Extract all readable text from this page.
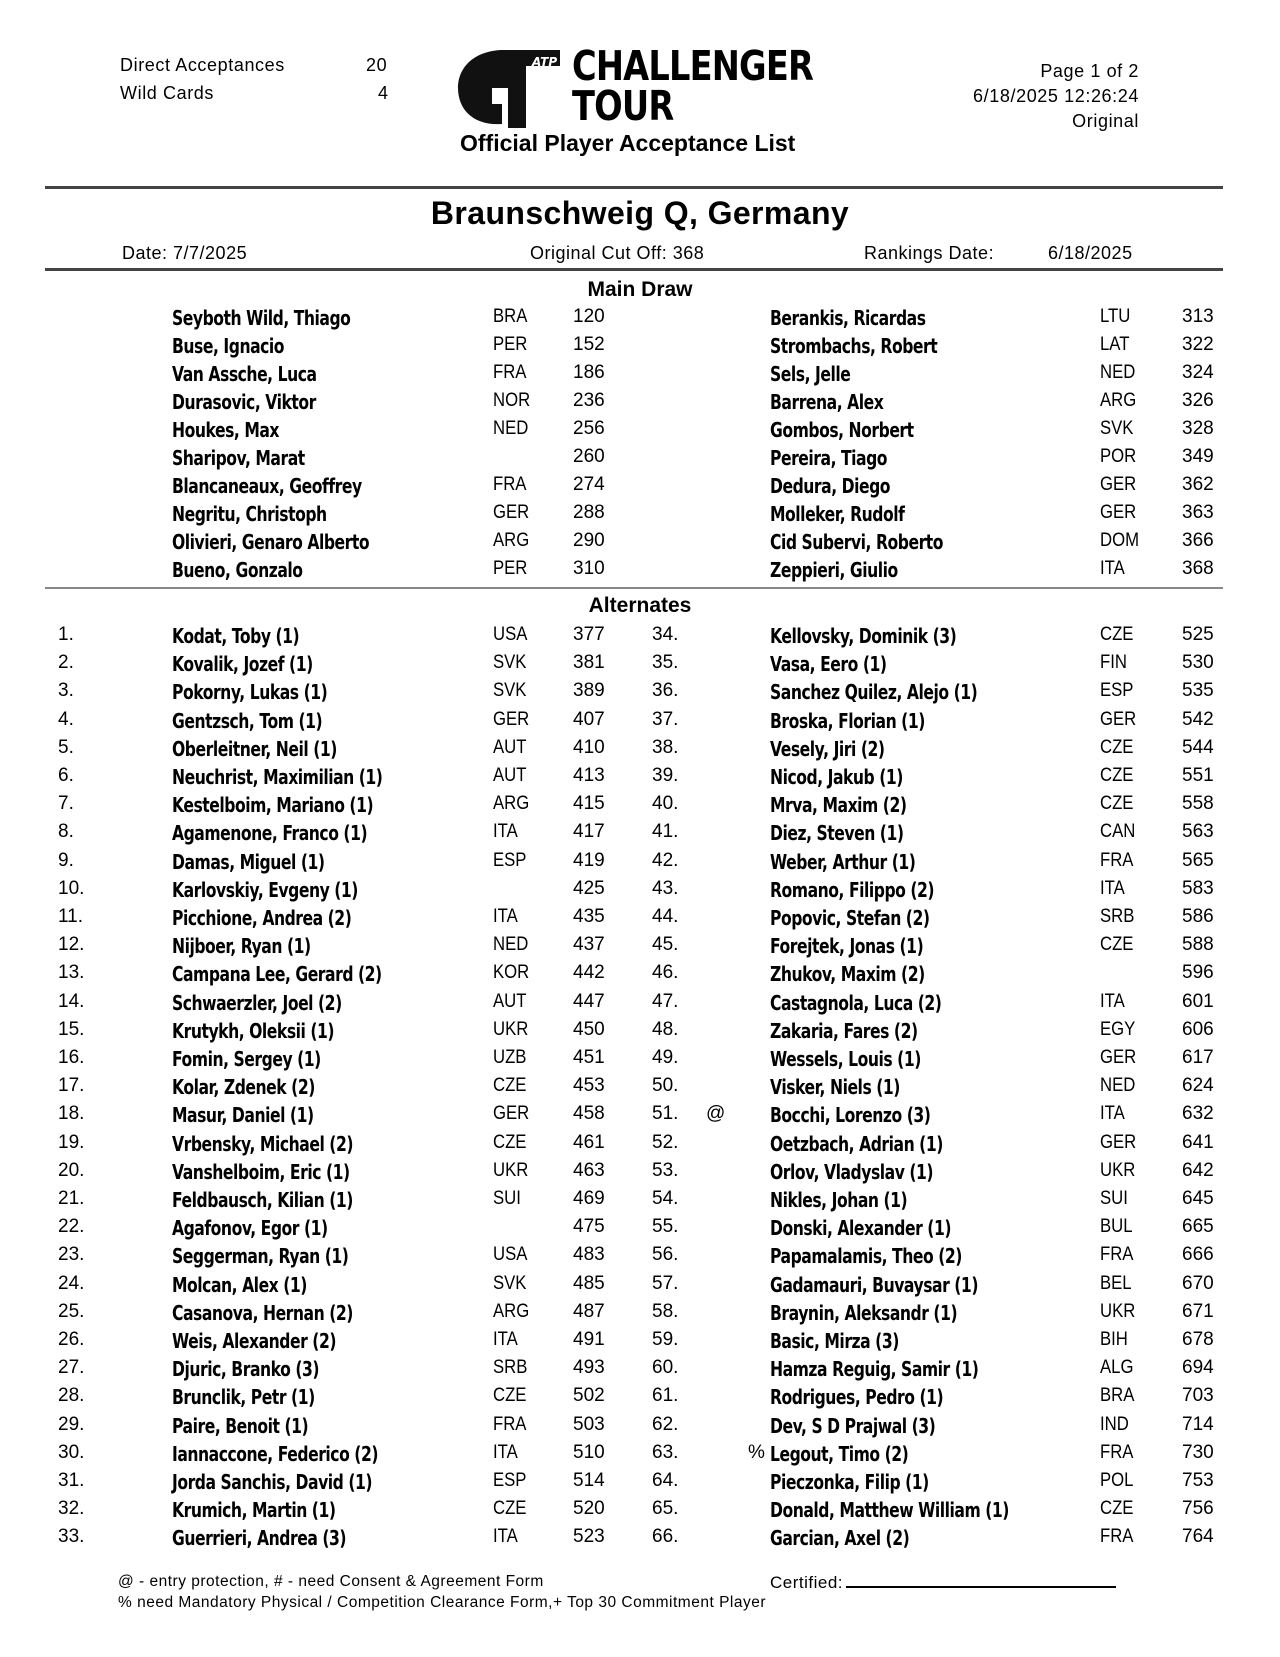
Direct Acceptances	20
Wild Cards	4
ATP CHALLENGER
TOUR
Official Player Acceptance List
Page 1 of 2
6/18/2025 12:26:24
Original
Braunschweig Q, Germany
Date: 7/7/2025	Original Cut Off: 368	Rankings Date:	6/18/2025
Main Draw
Seyboth Wild, Thiago	BRA 120
Buse, Ignacio	PER 152
Van Assche, Luca	FRA 186
Durasovic, Viktor	NOR 236
Houkes, Max	NED 256
Sharipov, Marat	260
Blancaneaux, Geoffrey	FRA 274
Negritu, Christoph	GER 288
Olivieri, Genaro Alberto	ARG 290
Bueno, Gonzalo	PER 310
Berankis, Ricardas	LTU	313
Strombachs, Robert	LAT	322
Sels, Jelle	NED 324
Barrena, Alex	ARG 326
Gombos, Norbert	SVK	328
Pereira, Tiago	POR 349
Dedura, Diego	GER 362
Molleker, Rudolf	GER 363
Cid Subervi, Roberto	DOM 366
Zeppieri, Giulio	ITA	368
Alternates
1.	Kodat, Toby (1)	USA 377
2.	Kovalik, Jozef (1)	SVK 381
3.	Pokorny, Lukas (1)	SVK 389
4.	Gentzsch, Tom (1)	GER 407
5.	Oberleitner, Neil (1)	AUT 410
6.	Neuchrist, Maximilian (1)	AUT 413
7.	Kestelboim, Mariano (1)	ARG 415
8.	Agamenone, Franco (1)	ITA	417
9.	Damas, Miguel (1)	ESP 419
10.	Karlovskiy, Evgeny (1)	425
11.	Picchione, Andrea (2)	ITA	435
12.	Nijboer, Ryan (1)	NED 437
13.	Campana Lee, Gerard (2)	KOR 442
14.	Schwaerzler, Joel (2)	AUT 447
15.	Krutykh, Oleksii (1)	UKR 450
16.	Fomin, Sergey (1)	UZB 451
17.	Kolar, Zdenek (2)	CZE 453
18.	Masur, Daniel (1)	GER 458
19.	Vrbensky, Michael (2)	CZE 461
20.	Vanshelboim, Eric (1)	UKR 463
21.	Feldbausch, Kilian (1)	SUI	469
22.	Agafonov, Egor (1)	475
23.	Seggerman, Ryan (1)	USA 483
24.	Molcan, Alex (1)	SVK 485
25.	Casanova, Hernan (2)	ARG 487
26.	Weis, Alexander (2)	ITA	491
27.	Djuric, Branko (3)	SRB 493
28.	Brunclik, Petr (1)	CZE 502
29.	Paire, Benoit (1)	FRA 503
30.	Iannaccone, Federico (2)	ITA	510
31.	Jorda Sanchis, David (1)	ESP 514
32.	Krumich, Martin (1)	CZE 520
33.	Guerrieri, Andrea (3)	ITA	523
34.	Kellovsky, Dominik (3)	CZE	525
35.	Vasa, Eero (1)	FIN	530
36.	Sanchez Quilez, Alejo (1)	ESP	535
37.	Broska, Florian (1)	GER 542
38.	Vesely, Jiri (2)	CZE	544
39.	Nicod, Jakub (1)	CZE	551
40.	Mrva, Maxim (2)	CZE	558
41.	Diez, Steven (1)	CAN 563
42.	Weber, Arthur (1)	FRA	565
43.	Romano, Filippo (2)	ITA	583
44.	Popovic, Stefan (2)	SRB	586
45.	Forejtek, Jonas (1)	CZE	588
46.	Zhukov, Maxim (2)	596
47.	Castagnola, Luca (2)	ITA	601
48.	Zakaria, Fares (2)	EGY 606
49.	Wessels, Louis (1)	GER 617
50.	Visker, Niels (1)	NED 624
51. @ Bocchi, Lorenzo (3)	ITA	632
52.	Oetzbach, Adrian (1)	GER 641
53.	Orlov, Vladyslav (1)	UKR 642
54.	Nikles, Johan (1)	SUI	645
55.	Donski, Alexander (1)	BUL	665
56.	Papamalamis, Theo (2)	FRA	666
57.	Gadamauri, Buvaysar (1)	BEL	670
58.	Braynin, Aleksandr (1)	UKR 671
59.	Basic, Mirza (3)	BIH	678
60.	Hamza Reguig, Samir (1)	ALG	694
61.	Rodrigues, Pedro (1)	BRA	703
62.	Dev, S D Prajwal (3)	IND	714
63.	% Legout, Timo (2)	FRA	730
64.	Pieczonka, Filip (1)	POL	753
65.	Donald, Matthew William (1)	CZE	756
66.	Garcian, Axel (2)	FRA	764
@ - entry protection, # - need Consent & Agreement Form
% need Mandatory Physical / Competition Clearance Form,+ Top 30 Commitment Player
Certified:
